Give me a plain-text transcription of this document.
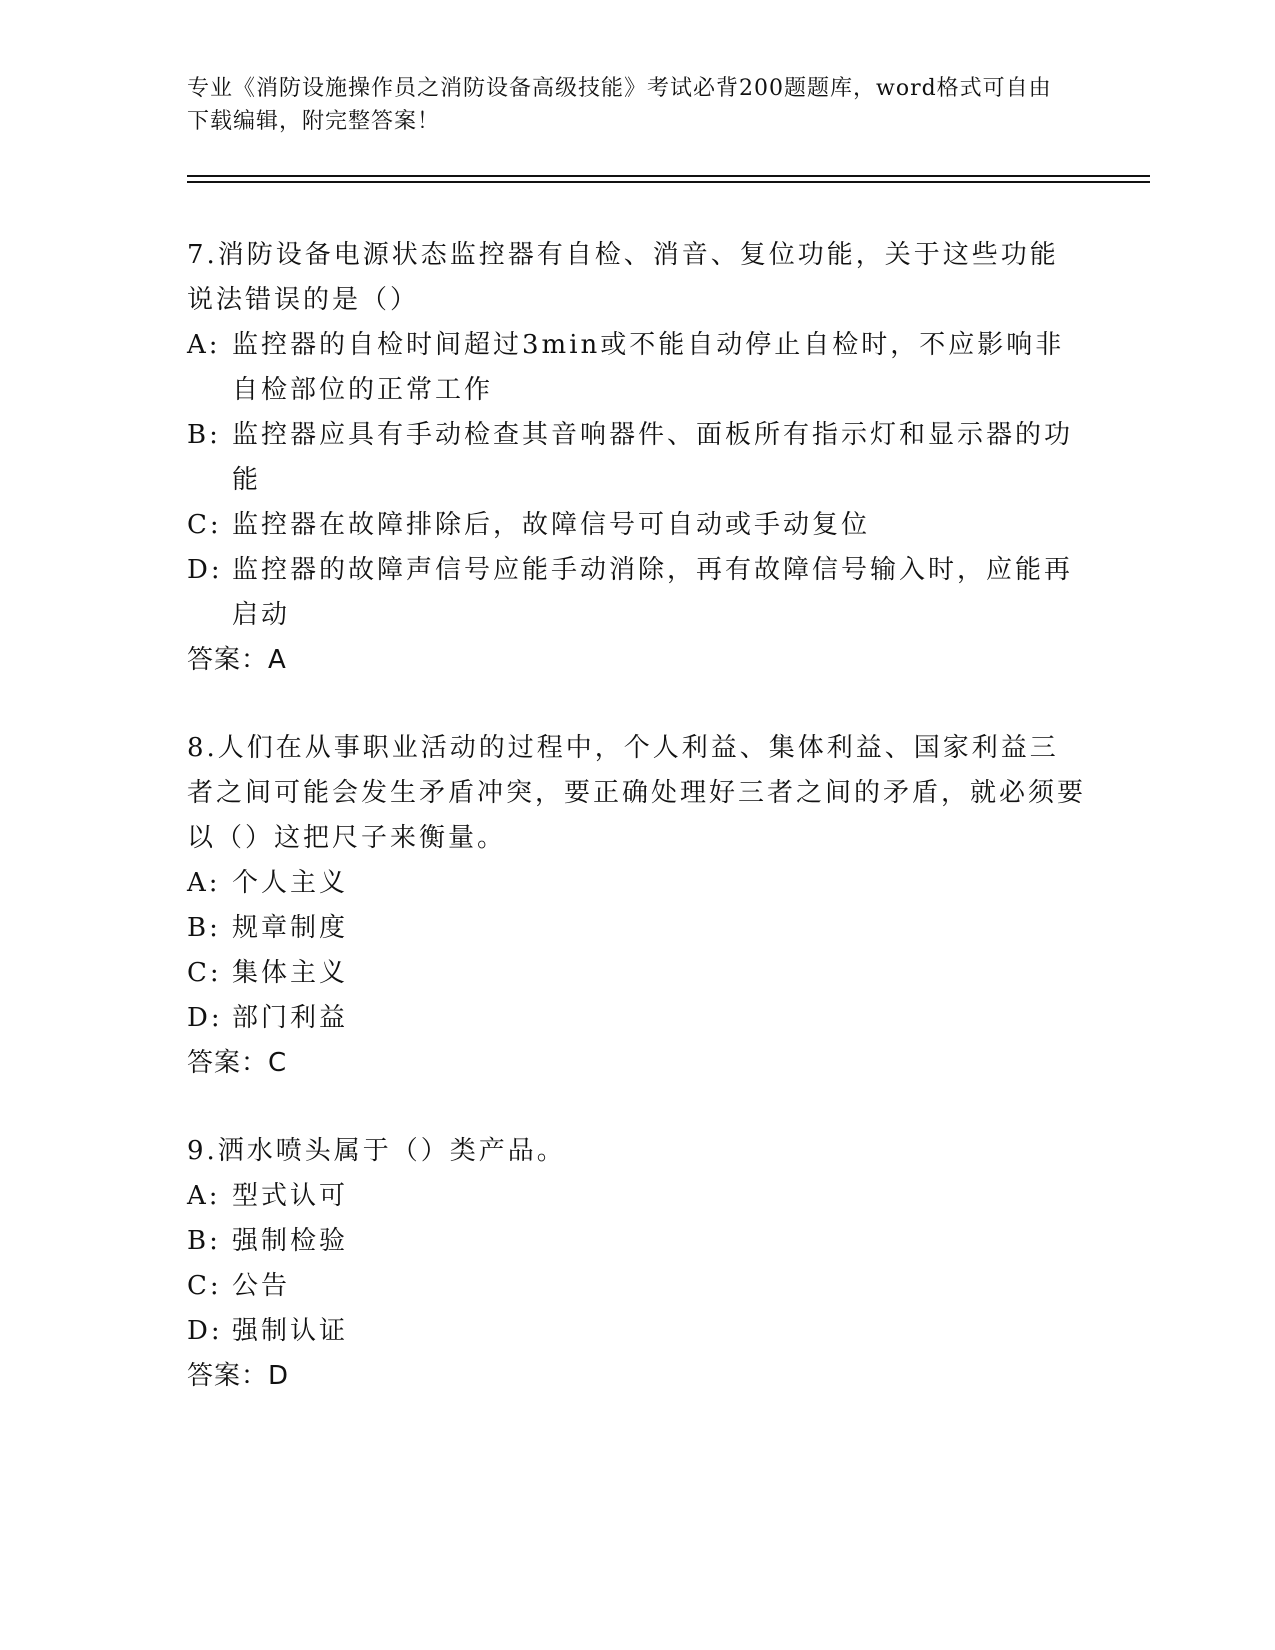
专业《消防设施操作员之消防设备高级技能》考试必背200题题库，word格式可自由下载编辑，附完整答案！

7.消防设备电源状态监控器有自检、消音、复位功能，关于这些功能说法错误的是（）

A: 监控器的自检时间超过3min或不能自动停止自检时，不应影响非自检部位的正常工作
B: 监控器应具有手动检查其音响器件、面板所有指示灯和显示器的功能
C: 监控器在故障排除后，故障信号可自动或手动复位
D: 监控器的故障声信号应能手动消除，再有故障信号输入时，应能再启动

答案：A

8.人们在从事职业活动的过程中，个人利益、集体利益、国家利益三者之间可能会发生矛盾冲突，要正确处理好三者之间的矛盾，就必须要以（）这把尺子来衡量。

A: 个人主义
B: 规章制度
C: 集体主义
D: 部门利益

答案：C

9.洒水喷头属于（）类产品。

A: 型式认可
B: 强制检验
C: 公告
D: 强制认证

答案：D
